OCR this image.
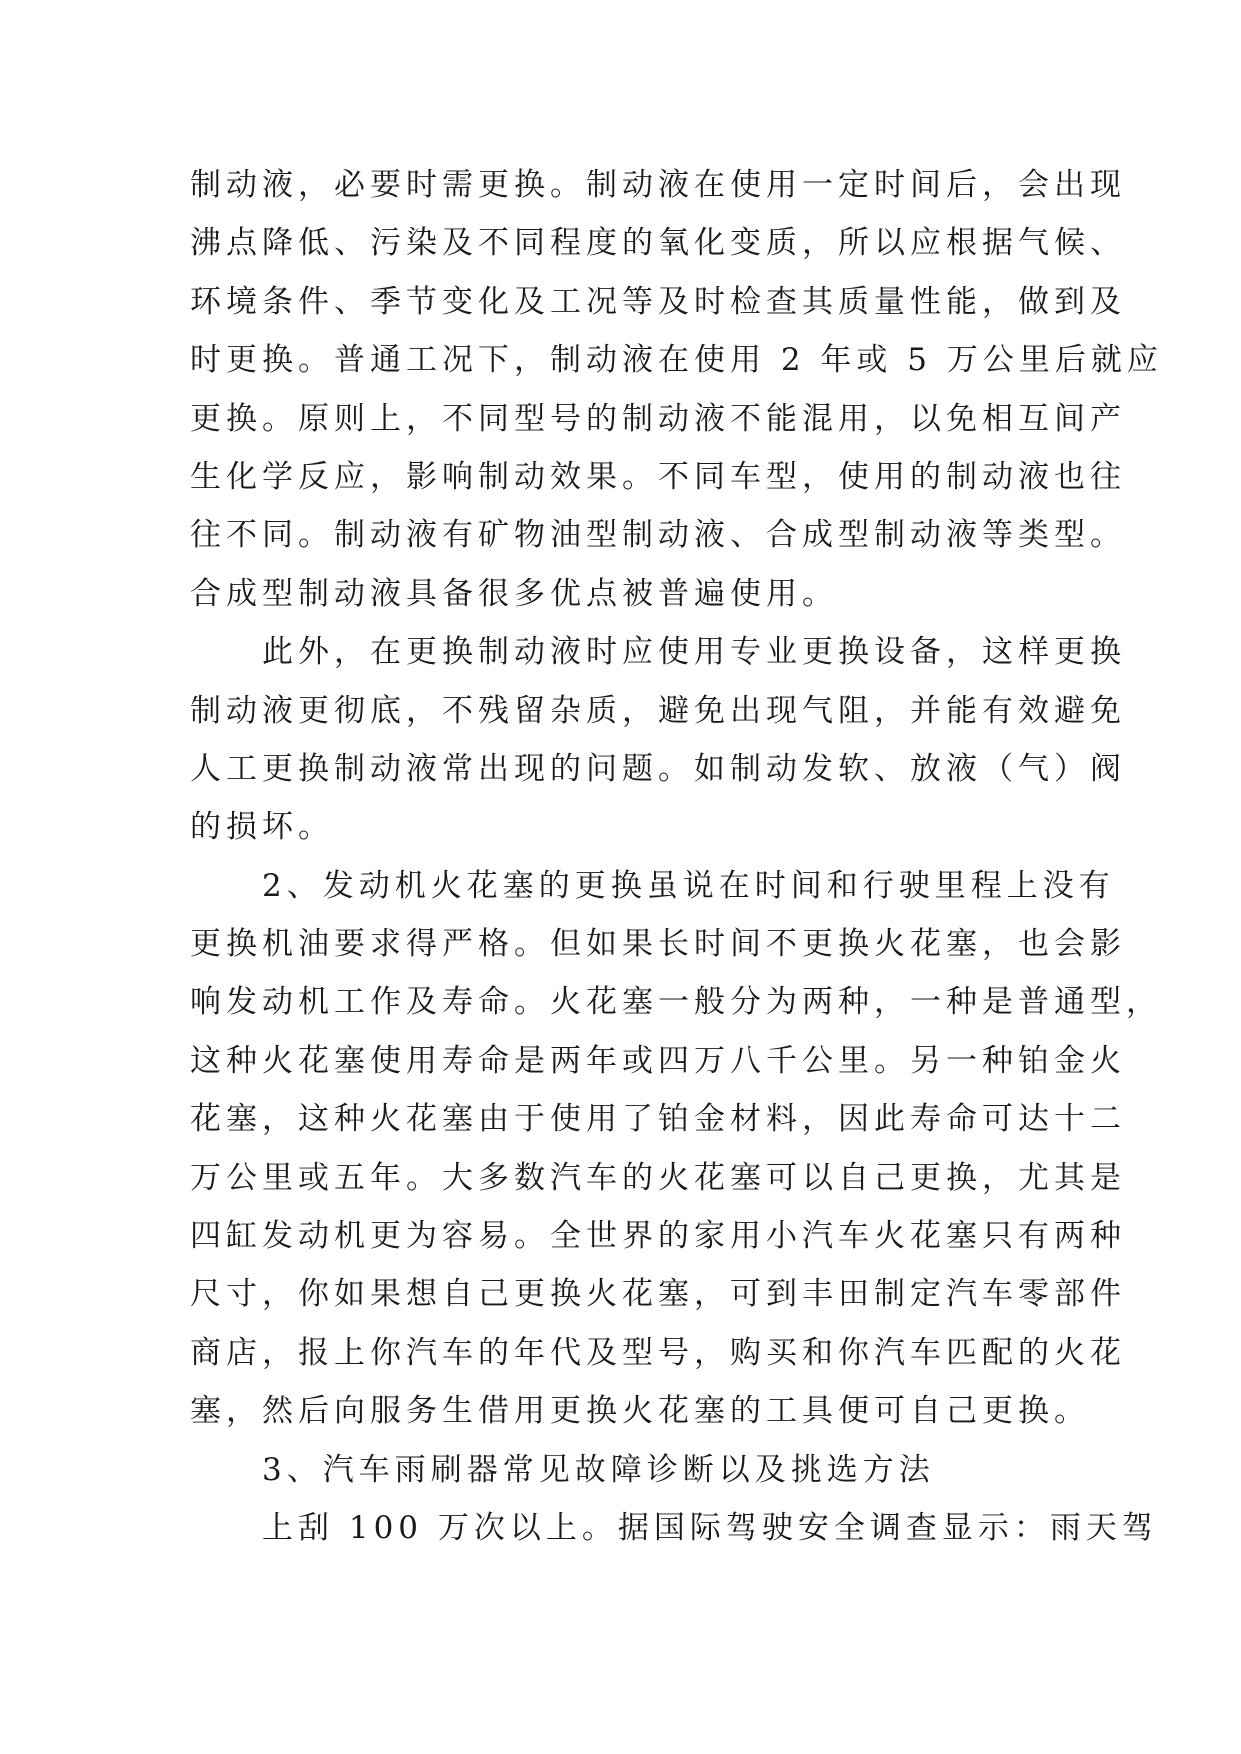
制动液，必要时需更换。制动液在使用一定时间后，会出现
沸点降低、污染及不同程度的氧化变质，所以应根据气候、
环境条件、季节变化及工况等及时检查其质量性能，做到及
时更换。普通工况下，制动液在使用 2 年或 5 万公里后就应
更换。原则上，不同型号的制动液不能混用，以免相互间产
生化学反应，影响制动效果。不同车型，使用的制动液也往
往不同。制动液有矿物油型制动液、合成型制动液等类型。
合成型制动液具备很多优点被普遍使用。
此外，在更换制动液时应使用专业更换设备，这样更换
制动液更彻底，不残留杂质，避免出现气阻，并能有效避免
人工更换制动液常出现的问题。如制动发软、放液（气）阀
的损坏。
2、发动机火花塞的更换虽说在时间和行驶里程上没有
更换机油要求得严格。但如果长时间不更换火花塞，也会影
响发动机工作及寿命。火花塞一般分为两种，一种是普通型，
这种火花塞使用寿命是两年或四万八千公里。另一种铂金火
花塞，这种火花塞由于使用了铂金材料，因此寿命可达十二
万公里或五年。大多数汽车的火花塞可以自己更换，尤其是
四缸发动机更为容易。全世界的家用小汽车火花塞只有两种
尺寸，你如果想自己更换火花塞，可到丰田制定汽车零部件
商店，报上你汽车的年代及型号，购买和你汽车匹配的火花
塞，然后向服务生借用更换火花塞的工具便可自己更换。
3、汽车雨刷器常见故障诊断以及挑选方法
上刮 100 万次以上。据国际驾驶安全调查显示：雨天驾
